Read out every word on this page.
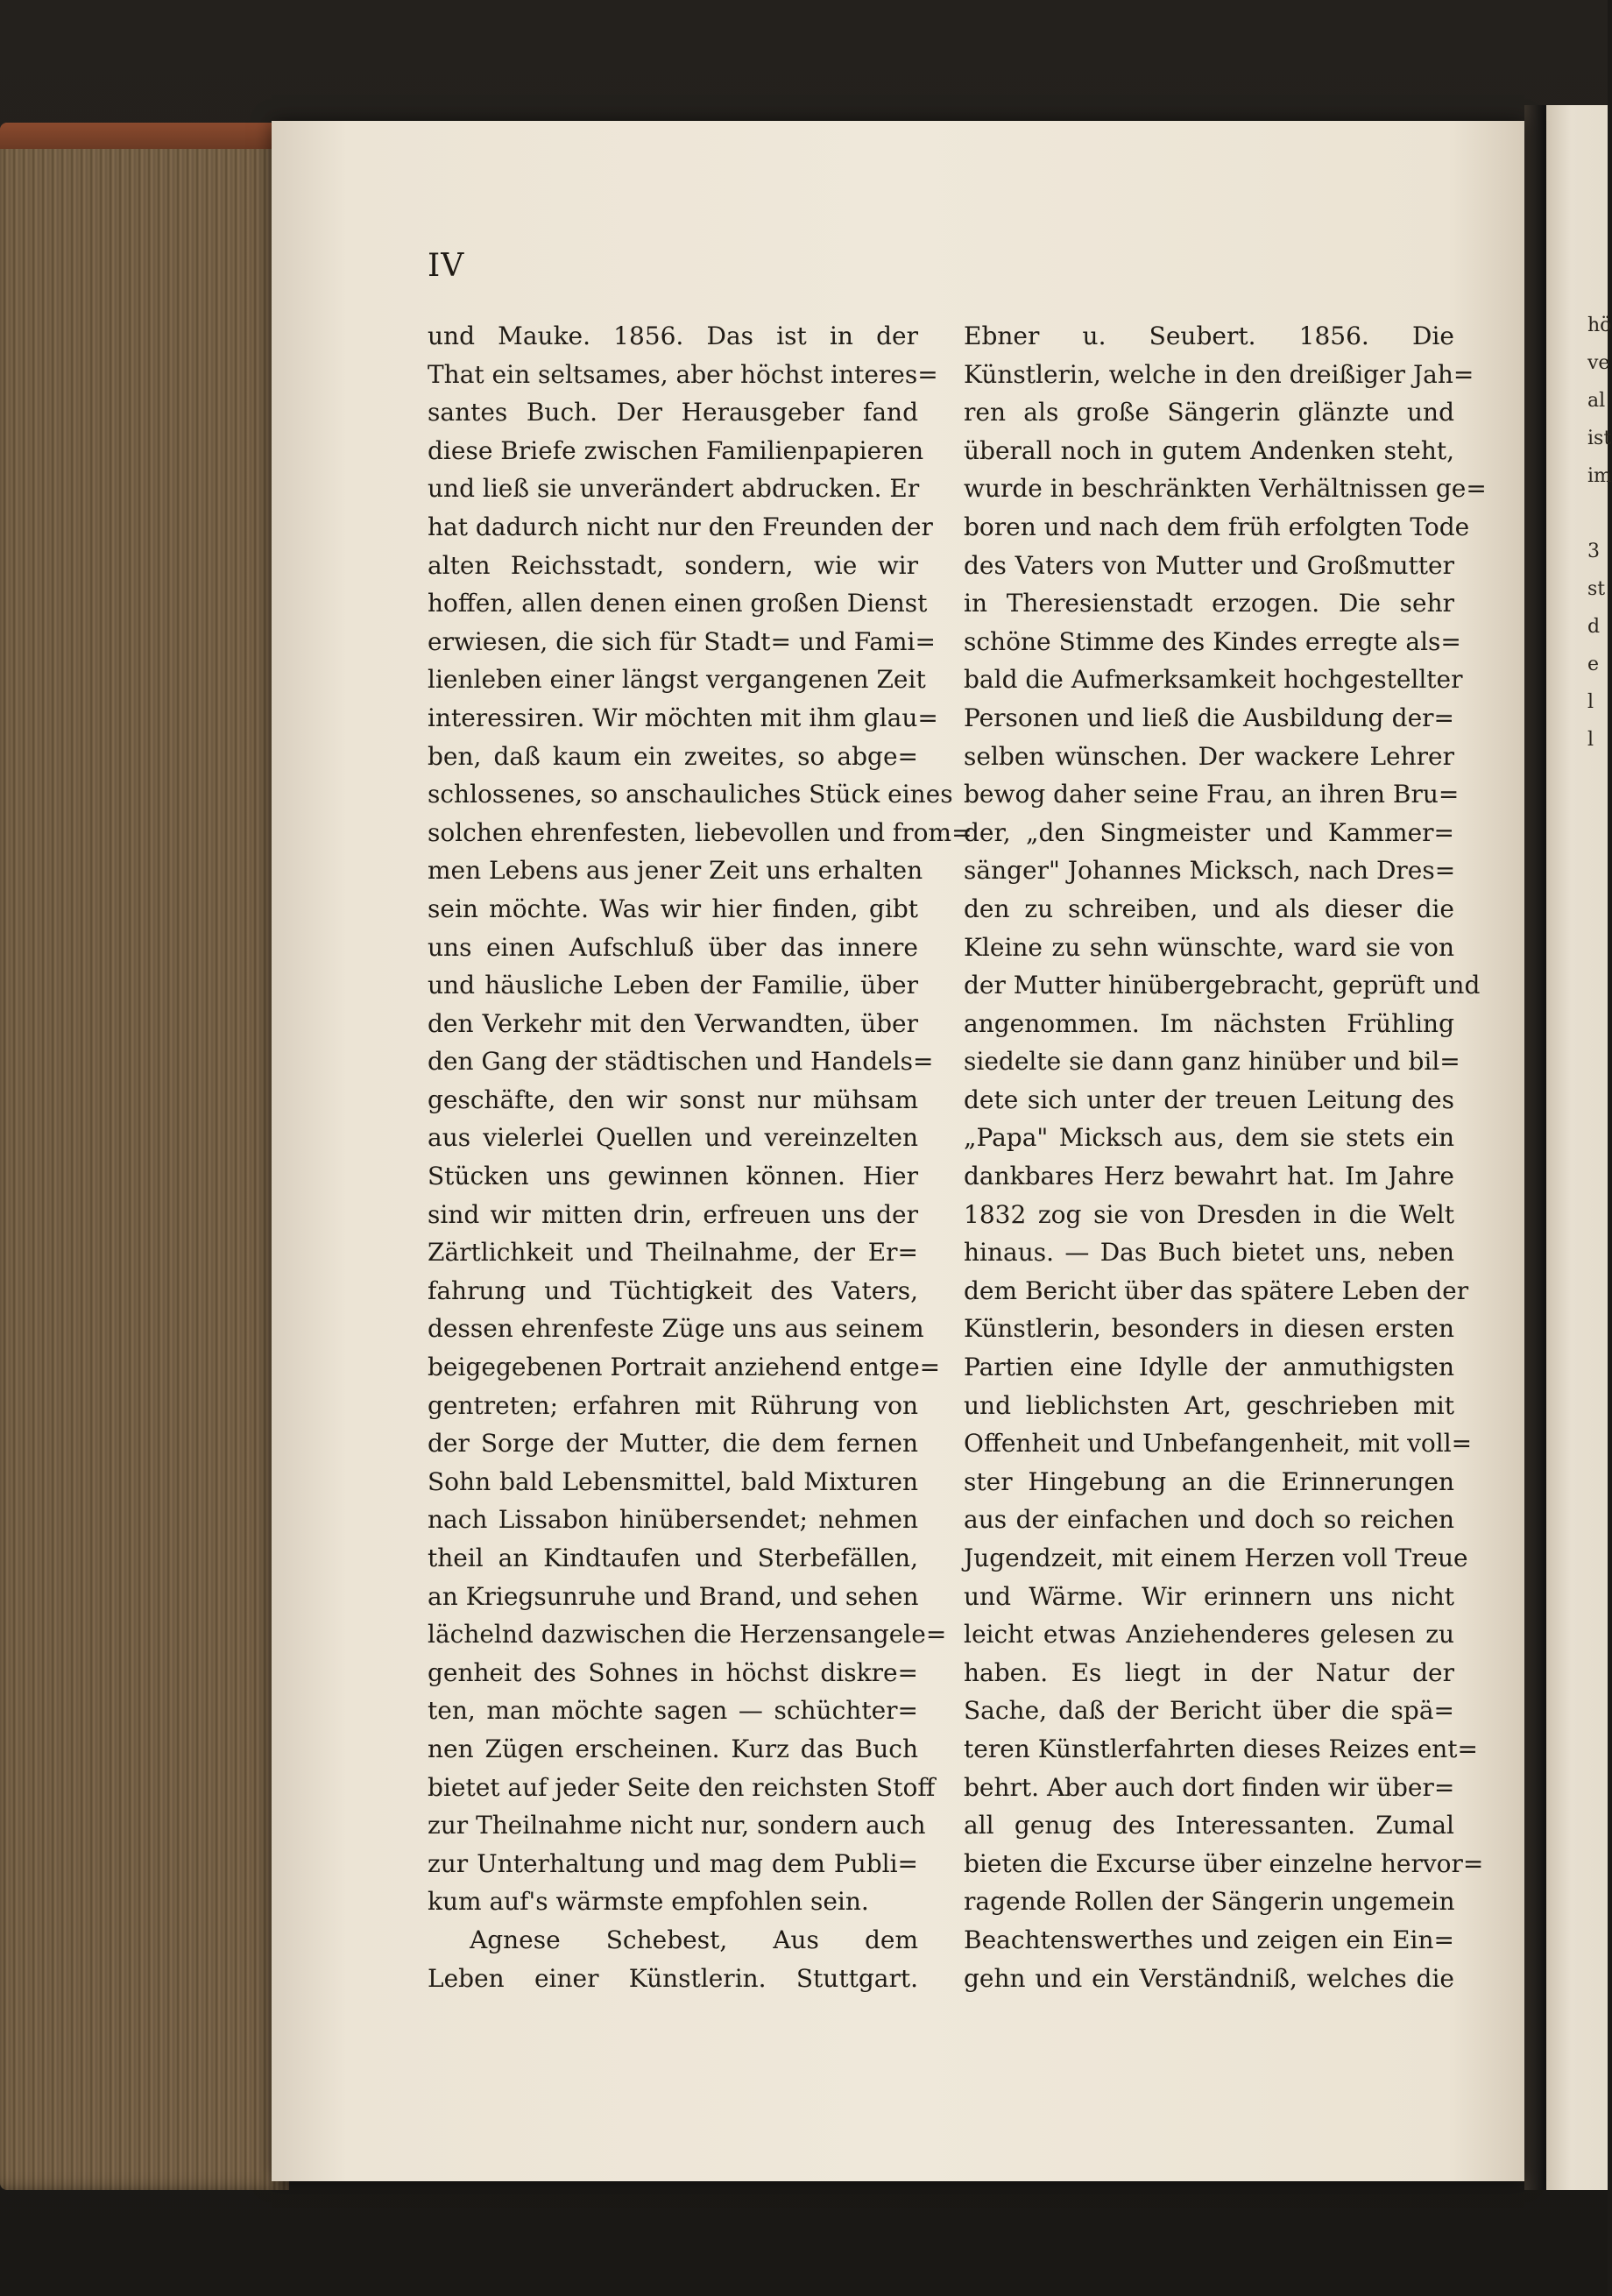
hö
ve
al
ist
im
3
st
d
e
l
l
IV
und Mauke. 1856. Das ist in der
That ein seltsames, aber höchst interes=
santes Buch. Der Herausgeber fand
diese Briefe zwischen Familienpapieren
und ließ sie unverändert abdrucken. Er
hat dadurch nicht nur den Freunden der
alten Reichsstadt, sondern, wie wir
hoffen, allen denen einen großen Dienst
erwiesen, die sich für Stadt= und Fami=
lienleben einer längst vergangenen Zeit
interessiren. Wir möchten mit ihm glau=
ben, daß kaum ein zweites, so abge=
schlossenes, so anschauliches Stück eines
solchen ehrenfesten, liebevollen und from=
men Lebens aus jener Zeit uns erhalten
sein möchte. Was wir hier finden, gibt
uns einen Aufschluß über das innere
und häusliche Leben der Familie, über
den Verkehr mit den Verwandten, über
den Gang der städtischen und Handels=
geschäfte, den wir sonst nur mühsam
aus vielerlei Quellen und vereinzelten
Stücken uns gewinnen können. Hier
sind wir mitten drin, erfreuen uns der
Zärtlichkeit und Theilnahme, der Er=
fahrung und Tüchtigkeit des Vaters,
dessen ehrenfeste Züge uns aus seinem
beigegebenen Portrait anziehend entge=
gentreten; erfahren mit Rührung von
der Sorge der Mutter, die dem fernen
Sohn bald Lebensmittel, bald Mixturen
nach Lissabon hinübersendet; nehmen
theil an Kindtaufen und Sterbefällen,
an Kriegsunruhe und Brand, und sehen
lächelnd dazwischen die Herzensangele=
genheit des Sohnes in höchst diskre=
ten, man möchte sagen — schüchter=
nen Zügen erscheinen. Kurz das Buch
bietet auf jeder Seite den reichsten Stoff
zur Theilnahme nicht nur, sondern auch
zur Unterhaltung und mag dem Publi=
kum auf's wärmste empfohlen sein.
Agnese Schebest, Aus dem
Leben einer Künstlerin. Stuttgart.
Ebner u. Seubert. 1856. Die
Künstlerin, welche in den dreißiger Jah=
ren als große Sängerin glänzte und
überall noch in gutem Andenken steht,
wurde in beschränkten Verhältnissen ge=
boren und nach dem früh erfolgten Tode
des Vaters von Mutter und Großmutter
in Theresienstadt erzogen. Die sehr
schöne Stimme des Kindes erregte als=
bald die Aufmerksamkeit hochgestellter
Personen und ließ die Ausbildung der=
selben wünschen. Der wackere Lehrer
bewog daher seine Frau, an ihren Bru=
der, „den Singmeister und Kammer=
sänger" Johannes Micksch, nach Dres=
den zu schreiben, und als dieser die
Kleine zu sehn wünschte, ward sie von
der Mutter hinübergebracht, geprüft und
angenommen. Im nächsten Frühling
siedelte sie dann ganz hinüber und bil=
dete sich unter der treuen Leitung des
„Papa" Micksch aus, dem sie stets ein
dankbares Herz bewahrt hat. Im Jahre
1832 zog sie von Dresden in die Welt
hinaus. — Das Buch bietet uns, neben
dem Bericht über das spätere Leben der
Künstlerin, besonders in diesen ersten
Partien eine Idylle der anmuthigsten
und lieblichsten Art, geschrieben mit
Offenheit und Unbefangenheit, mit voll=
ster Hingebung an die Erinnerungen
aus der einfachen und doch so reichen
Jugendzeit, mit einem Herzen voll Treue
und Wärme. Wir erinnern uns nicht
leicht etwas Anziehenderes gelesen zu
haben. Es liegt in der Natur der
Sache, daß der Bericht über die spä=
teren Künstlerfahrten dieses Reizes ent=
behrt. Aber auch dort finden wir über=
all genug des Interessanten. Zumal
bieten die Excurse über einzelne hervor=
ragende Rollen der Sängerin ungemein
Beachtenswerthes und zeigen ein Ein=
gehn und ein Verständniß, welches die
